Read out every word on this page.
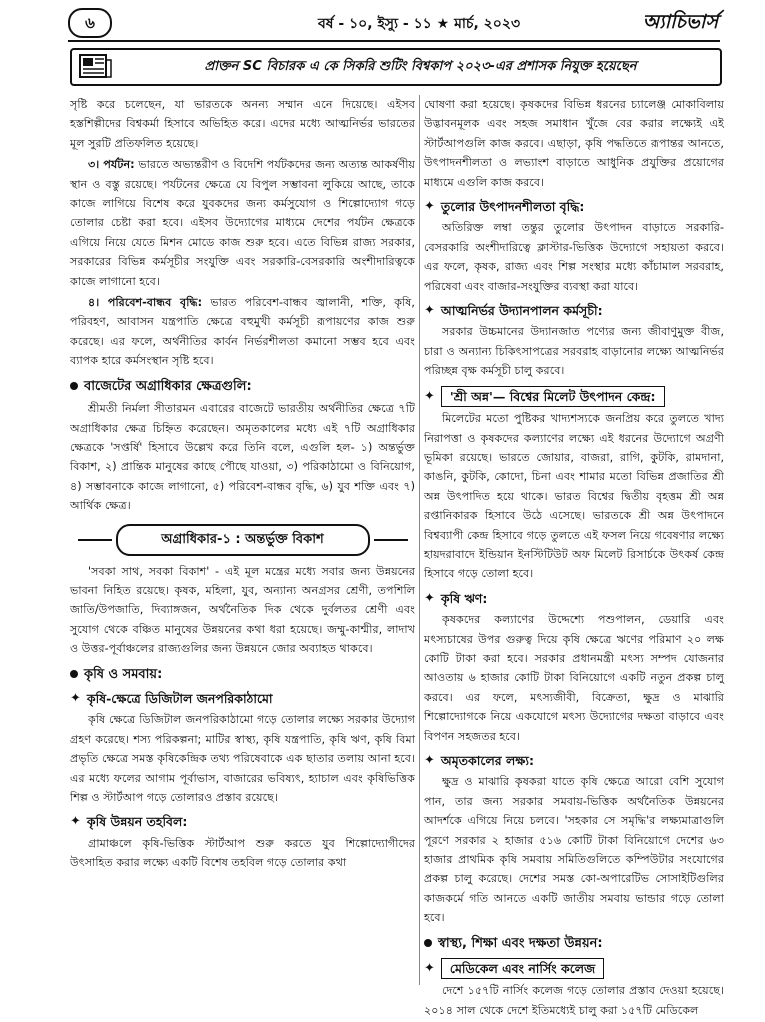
৬	বর্ষ - ১০, ইস্যু - ১১ ★ মার্চ, ২০২৩	অ্যাচিভার্স
প্রাক্তন SC বিচারক এ কে সিকরি শুটিং বিশ্বকাপ ২০২৩-এর প্রশাসক নিযুক্ত হয়েছেন

সৃষ্টি করে চলেছেন, যা ভারতকে অনন্য সম্মান এনে দিয়েছে। এইসব হস্তশিল্পীদের বিশ্বকর্মা হিসাবে অভিহিত করে। এদের মধ্যে আত্মনির্ভর ভারতের মূল সুরটি প্রতিফলিত হয়েছে।

৩। পর্যটন: ভারতে অভ্যন্তরীণ ও বিদেশি পর্যটকদের জন্য অত্যন্ত আকর্ষণীয় স্থান ও বস্তু রয়েছে। পর্যটনের ক্ষেত্রে যে বিপুল সম্ভাবনা লুকিয়ে আছে, তাকে কাজে লাগিয়ে বিশেষ করে যুবকদের জন্য কর্মসুযোগ ও শিল্পোদ্যোগ গড়ে তোলার চেষ্টা করা হবে। এইসব উদ্যোগের মাধ্যমে দেশের পর্যটন ক্ষেত্রকে এগিয়ে নিয়ে যেতে মিশন মোডে কাজ শুরু হবে। এতে বিভিন্ন রাজ্য সরকার, সরকারের বিভিন্ন কর্মসূচীর সংযুক্তি এবং সরকারি-বেসরকারি অংশীদারিত্বকে কাজে লাগানো হবে।

৪। পরিবেশ-বান্ধব বৃদ্ধি: ভারত পরিবেশ-বান্ধব জ্বালানী, শক্তি, কৃষি, পরিবহণ, আবাসন যন্ত্রপাতি ক্ষেত্রে বহুমুখী কর্মসূচী রূপায়ণের কাজ শুরু করেছে। এর ফলে, অর্থনীতির কার্বন নির্ভরশীলতা কমানো সম্ভব হবে এবং ব্যাপক হারে কর্মসংস্থান সৃষ্টি হবে।

বাজেটের অগ্রাধিকার ক্ষেত্রগুলি:

শ্রীমতী নির্মলা সীতারমন এবারের বাজেটে ভারতীয় অর্থনীতির ক্ষেত্রে ৭টি অগ্রাধিকার ক্ষেত্র চিহ্নিত করেছেন। অমৃতকালের মধ্যে এই ৭টি অগ্রাধিকার ক্ষেত্রকে 'সপ্তর্ষি' হিসাবে উল্লেখ করে তিনি বলে, এগুলি হল- ১) অন্তর্ভুক্ত বিকাশ, ২) প্রান্তিক মানুষের কাছে পৌছে যাওয়া, ৩) পরিকাঠামো ও বিনিয়োগ, ৪) সম্ভাবনাকে কাজে লাগানো, ৫) পরিবেশ-বান্ধব বৃদ্ধি, ৬) যুব শক্তি এবং ৭) আর্থিক ক্ষেত্র।

অগ্রাধিকার-১ : অন্তর্ভুক্ত বিকাশ

'সবকা সাথ, সবকা বিকাশ' - এই মূল মন্ত্রের মধ্যে সবার জন্য উন্নয়নের ভাবনা নিহিত রয়েছে। কৃষক, মহিলা, যুব, অন্যান্য অনগ্রসর শ্রেণী, তপশিলি জাতি/উপজাতি, দিব্যাঙ্গজন, অর্থনৈতিক দিক থেকে দুর্বলতর শ্রেণী এবং সুযোগ থেকে বঞ্চিত মানুষের উন্নয়নের কথা ধরা হয়েছে। জম্মু-কাশ্মীর, লাদাখ ও উত্তর-পূর্বাঞ্চলের রাজ্যগুলির জন্য উন্নয়নে জোর অব্যাহত থাকবে।

কৃষি ও সমবায়:
✦ কৃষি-ক্ষেত্রে ডিজিটাল জনপরিকাঠামো

কৃষি ক্ষেত্রে ডিজিটাল জনপরিকাঠামো গড়ে তোলার লক্ষ্যে সরকার উদ্যোগ গ্রহণ করেছে। শস্য পরিকল্পনা; মাটির স্বাস্থ্য, কৃষি যন্ত্রপাতি, কৃষি ঋণ, কৃষি বিমা প্রভৃতি ক্ষেত্রে সমস্ত কৃষিকেন্দ্রিক তথ্য পরিষেবাকে এক ছাতার তলায় আনা হবে। এর মধ্যে ফলের আগাম পূর্বাভাস, বাজারের ভবিষ্যৎ, হ্যাচাল এবং কৃষিভিত্তিক শিল্প ও স্টার্টআপ গড়ে তোলারও প্রস্তাব রয়েছে।

✦ কৃষি উন্নয়ন তহবিল:

গ্রামাঞ্চলে কৃষি-ভিত্তিক স্টার্টআপ শুরু করতে যুব শিল্পোদ্যোগীদের উৎসাহিত করার লক্ষ্যে একটি বিশেষ তহবিল গড়ে তোলার কথা

ঘোষণা করা হয়েছে। কৃষকদের বিভিন্ন ধরনের চ্যালেঞ্জ মোকাবিলায় উদ্ভাবনমূলক এবং সহজ সমাধান খুঁজে বের করার লক্ষ্যেই এই স্টার্টআপগুলি কাজ করবে। এছাড়া, কৃষি পদ্ধতিতে রূপান্তর আনতে, উৎপাদনশীলতা ও লভ্যাংশ বাড়াতে আধুনিক প্রযুক্তির প্রয়োগের মাধ্যমে এগুলি কাজ করবে।

✦ তুলোর উৎপাদনশীলতা বৃদ্ধি:

অতিরিক্ত লম্বা তন্তুর তুলোর উৎপাদন বাড়াতে সরকারি-বেসরকারি অংশীদারিত্বে ক্লাস্টার-ভিত্তিক উদ্যোগে সহায়তা করবে। এর ফলে, কৃষক, রাজ্য এবং শিল্প সংস্থার মধ্যে কাঁচামাল সরবরাহ, পরিষেবা এবং বাজার-সংযুক্তির ব্যবস্থা করা যাবে।

✦ আত্মনির্ভর উদ্যানপালন কর্মসূচী:

সরকার উচ্চমানের উদ্যানজাত পণ্যের জন্য জীবাণুমুক্ত বীজ, চারা ও অন্যান্য চিকিৎসাপত্রের সরবরাহ বাড়ানোর লক্ষ্যে আত্মনির্ভর পরিচ্ছন্ন বৃক্ষ কর্মসূচী চালু করবে।

✦	'শ্রী অন্ন'— বিশ্বের মিলেট উৎপাদন কেন্দ্র:

মিলেটের মতো পুষ্টিকর খাদ্যশস্যকে জনপ্রিয় করে তুলতে খাদ্য নিরাপত্তা ও কৃষকদের কল্যাণের লক্ষ্যে এই ধরনের উদ্যোগে অগ্রণী ভূমিকা রয়েছে। ভারতে জোয়ার, বাজরা, রাগি, কুটকি, রামদানা, কাঙনি, কুটকি, কোদো, চিনা এবং শামার মতো বিভিন্ন প্রজাতির শ্রী অন্ন উৎপাদিত হয়ে থাকে। ভারত বিশ্বের দ্বিতীয় বৃহত্তম শ্রী অন্ন রপ্তানিকারক হিসাবে উঠে এসেছে। ভারতকে শ্রী অন্ন উৎপাদনে বিশ্বব্যাপী কেন্দ্র হিসাবে গড়ে তুলতে এই ফসল নিয়ে গবেষণার লক্ষ্যে হায়দরাবাদে ইন্ডিয়ান ইনস্টিটিউট অফ মিলেট রিসার্চকে উৎকর্ষ কেন্দ্র হিসাবে গড়ে তোলা হবে।

✦ কৃষি ঋণ:

কৃষকদের কল্যাণের উদ্দেশ্যে পশুপালন, ডেয়ারি এবং মৎস্যচাষের উপর গুরুত্ব দিয়ে কৃষি ক্ষেত্রে ঋণের পরিমাণ ২০ লক্ষ কোটি টাকা করা হবে। সরকার প্রধানমন্ত্রী মৎস্য সম্পদ যোজনার আওতায় ৬ হাজার কোটি টাকা বিনিয়োগে একটি নতুন প্রকল্প চালু করবে। এর ফলে, মৎস্যজীবী, বিক্রেতা, ক্ষুদ্র ও মাঝারি শিল্পোদ্যোগকে নিয়ে একযোগে মৎস্য উদ্যোগের দক্ষতা বাড়াবে এবং বিপণন সহজতর হবে।

✦ অমৃতকালের লক্ষ্য:

ক্ষুদ্র ও মাঝারি কৃষকরা যাতে কৃষি ক্ষেত্রে আরো বেশি সুযোগ পান, তার জন্য সরকার সমবায়-ভিত্তিক অর্থনৈতিক উন্নয়নের আদর্শকে এগিয়ে নিয়ে চলবে। 'সহকার সে সমৃদ্ধি'র লক্ষ্যমাত্রাগুলি পূরণে সরকার ২ হাজার ৫১৬ কোটি টাকা বিনিয়োগে দেশের ৬৩ হাজার প্রাথমিক কৃষি সমবায় সমিতিগুলিতে কম্পিউটার সংযোগের প্রকল্প চালু করেছে। দেশের সমস্ত কো-অপারেটিভ সোসাইটিগুলির কাজকর্মে গতি আনতে একটি জাতীয় সমবায় ভান্ডার গড়ে তোলা হবে।

স্বাস্থ্য, শিক্ষা এবং দক্ষতা উন্নয়ন:
✦	মেডিকেল এবং নার্সিং কলেজ

দেশে ১৫৭টি নার্সিং কলেজ গড়ে তোলার প্রস্তাব দেওয়া হয়েছে। ২০১৪ সাল থেকে দেশে ইতিমধ্যেই চালু করা ১৫৭টি মেডিকেল
